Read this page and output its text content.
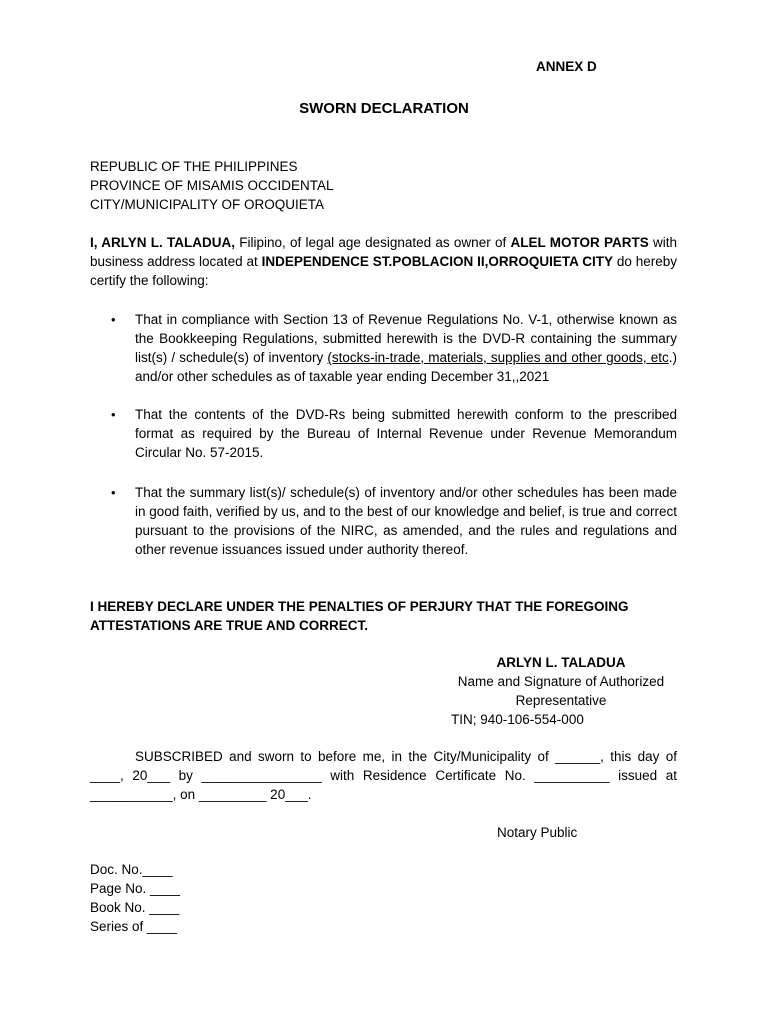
ANNEX D
SWORN DECLARATION
REPUBLIC OF THE PHILIPPINES
PROVINCE OF MISAMIS OCCIDENTAL
CITY/MUNICIPALITY OF OROQUIETA
I, ARLYN L. TALADUA, Filipino, of legal age designated as owner of ALEL MOTOR PARTS with business address located at INDEPENDENCE ST.POBLACION II,ORROQUIETA CITY do hereby certify the following:
• That in compliance with Section 13 of Revenue Regulations No. V-1, otherwise known as the Bookkeeping Regulations, submitted herewith is the DVD-R containing the summary list(s) / schedule(s) of inventory (stocks-in-trade, materials, supplies and other goods, etc.) and/or other schedules as of taxable year ending December 31,,2021
• That the contents of the DVD-Rs being submitted herewith conform to the prescribed format as required by the Bureau of Internal Revenue under Revenue Memorandum Circular No. 57-2015.
• That the summary list(s)/ schedule(s) of inventory and/or other schedules has been made in good faith, verified by us, and to the best of our knowledge and belief, is true and correct pursuant to the provisions of the NIRC, as amended, and the rules and regulations and other revenue issuances issued under authority thereof.
I HEREBY DECLARE UNDER THE PENALTIES OF PERJURY THAT THE FOREGOING ATTESTATIONS ARE TRUE AND CORRECT.
ARLYN L. TALADUA
Name and Signature of Authorized
Representative
TIN; 940-106-554-000
SUBSCRIBED and sworn to before me, in the City/Municipality of ______, this day of ____, 20___ by ________________ with Residence Certificate No. __________ issued at ___________, on _________ 20___.
Notary Public
Doc. No.____
Page No. ____
Book No. ____
Series of ____
